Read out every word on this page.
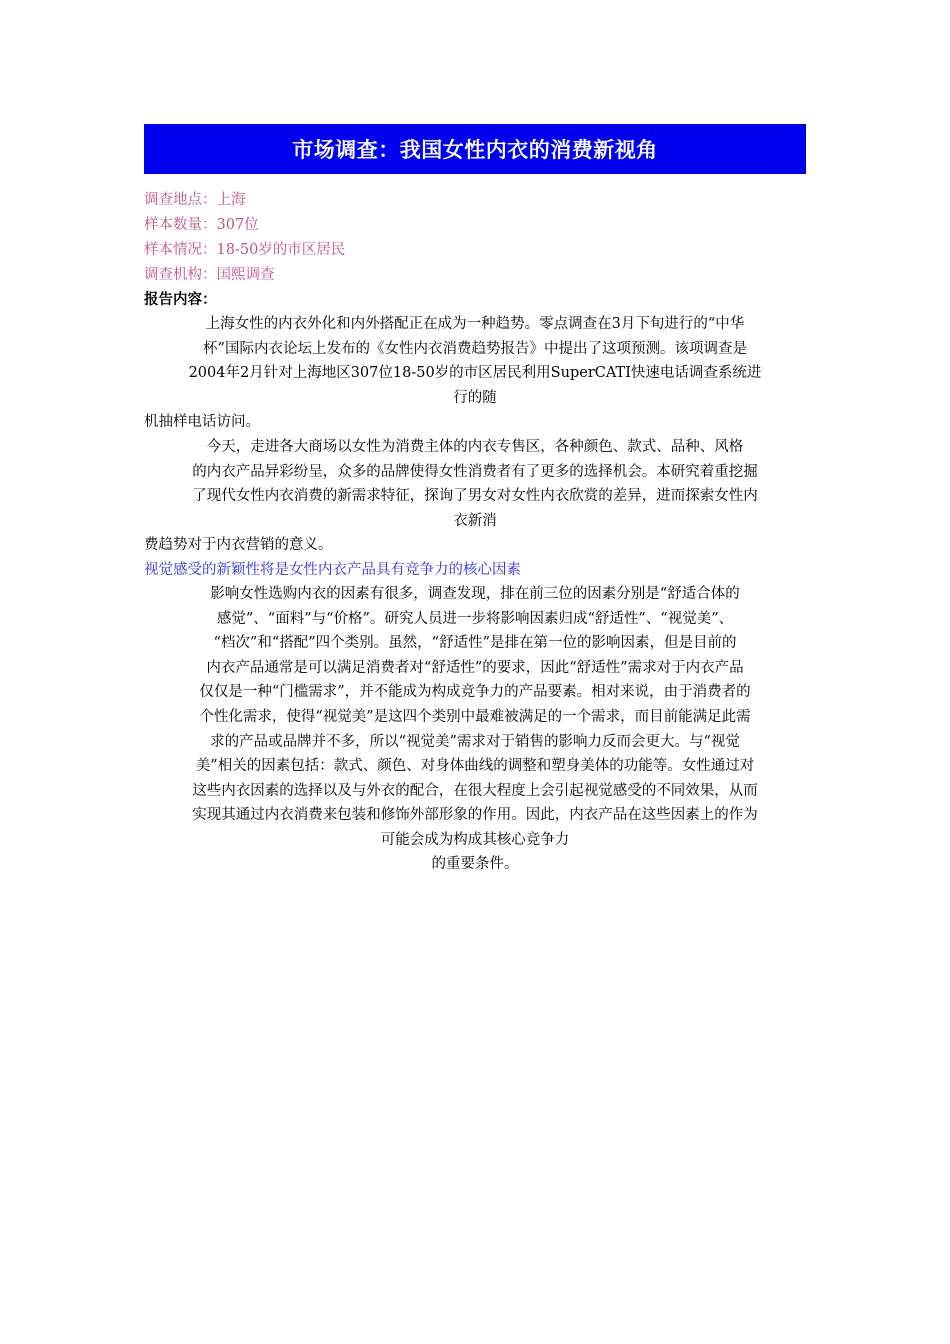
市场调查：我国女性内衣的消费新视角
调查地点：上海
样本数量：307位
样本情况：18-50岁的市区居民
调查机构：国熙调查
报告内容：
上海女性的内衣外化和内外搭配正在成为一种趋势。零点调查在3月下旬进行的“中华
杯”国际内衣论坛上发布的《女性内衣消费趋势报告》中提出了这项预测。该项调查是
2004年2月针对上海地区307位18-50岁的市区居民利用SuperCATI快速电话调查系统进
行的随
机抽样电话访问。
今天，走进各大商场以女性为消费主体的内衣专售区，各种颜色、款式、品种、风格
的内衣产品异彩纷呈，众多的品牌使得女性消费者有了更多的选择机会。本研究着重挖掘
了现代女性内衣消费的新需求特征，探询了男女对女性内衣欣赏的差异，进而探索女性内
衣新消
费趋势对于内衣营销的意义。
视觉感受的新颖性将是女性内衣产品具有竞争力的核心因素
影响女性选购内衣的因素有很多，调查发现，排在前三位的因素分别是“舒适合体的
感觉”、“面料”与“价格”。研究人员进一步将影响因素归成“舒适性”、“视觉美”、
“档次”和“搭配”四个类别。虽然，“舒适性”是排在第一位的影响因素，但是目前的
内衣产品通常是可以满足消费者对“舒适性”的要求，因此“舒适性”需求对于内衣产品
仅仅是一种“门槛需求”，并不能成为构成竞争力的产品要素。相对来说，由于消费者的
个性化需求，使得“视觉美”是这四个类别中最难被满足的一个需求，而目前能满足此需
求的产品或品牌并不多，所以“视觉美”需求对于销售的影响力反而会更大。与“视觉
美”相关的因素包括：款式、颜色、对身体曲线的调整和塑身美体的功能等。女性通过对
这些内衣因素的选择以及与外衣的配合，在很大程度上会引起视觉感受的不同效果，从而
实现其通过内衣消费来包装和修饰外部形象的作用。因此，内衣产品在这些因素上的作为
可能会成为构成其核心竞争力
的重要条件。
